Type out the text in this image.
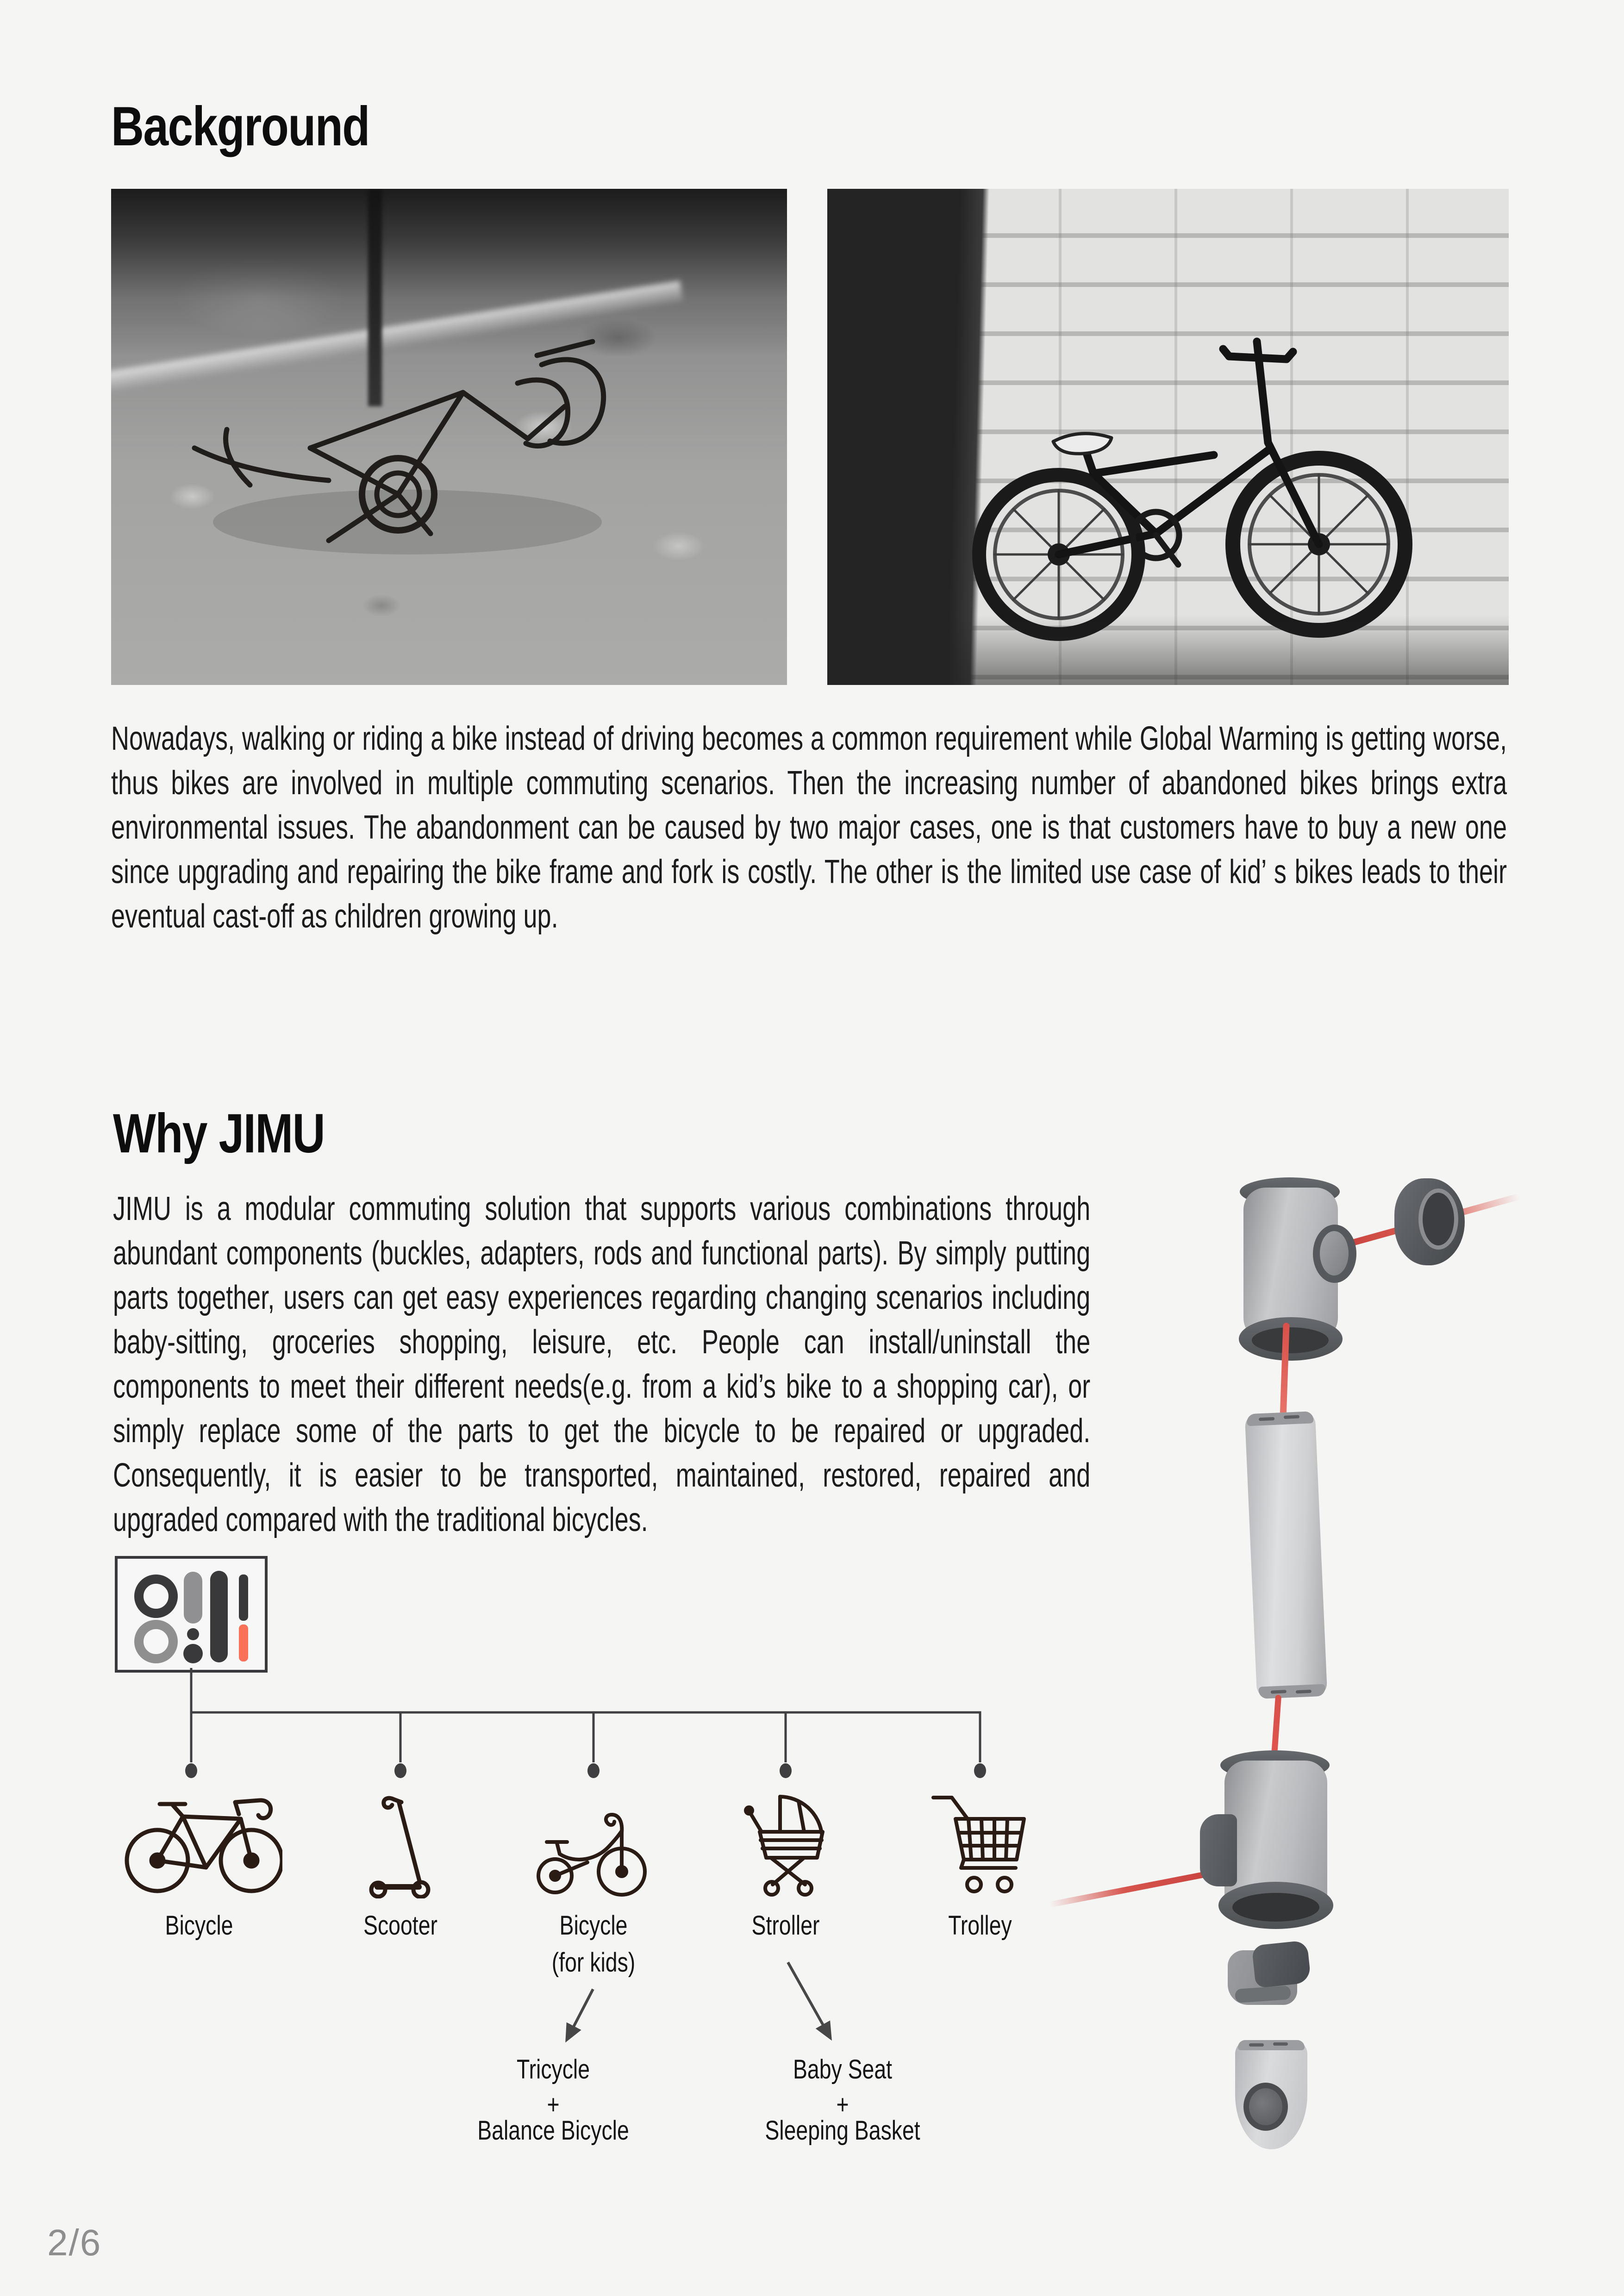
Background
Nowadays, walking or riding a bike instead of driving becomes a common requirement while Global Warming is getting worse, thus bikes are involved in multiple commuting scenarios. Then the increasing number of abandoned bikes brings extra environmental issues. The abandonment can be caused by two major cases, one is that customers have to buy a new one since upgrading and repairing the bike frame and fork is costly. The other is the limited use case of kid’ s bikes leads to their eventual cast-off as children growing up.
Why JIMU
JIMU is a modular commuting solution that supports various combinations through abundant components (buckles, adapters, rods and functional parts). By simply putting parts together, users can get easy experiences regarding changing scenarios including baby-sitting, groceries shopping, leisure, etc. People can install/uninstall the components to meet their different needs(e.g. from a kid’s bike to a shopping car), or simply replace some of the parts to get the bicycle to be repaired or upgraded. Consequently, it is easier to be transported, maintained, restored, repaired and upgraded compared with the traditional bicycles.
Bicycle	Scooter	Bicycle
(for kids)
Stroller	Trolley
Tricycle
+
Balance Bicycle
Baby Seat
+
Sleeping Basket
2/6
